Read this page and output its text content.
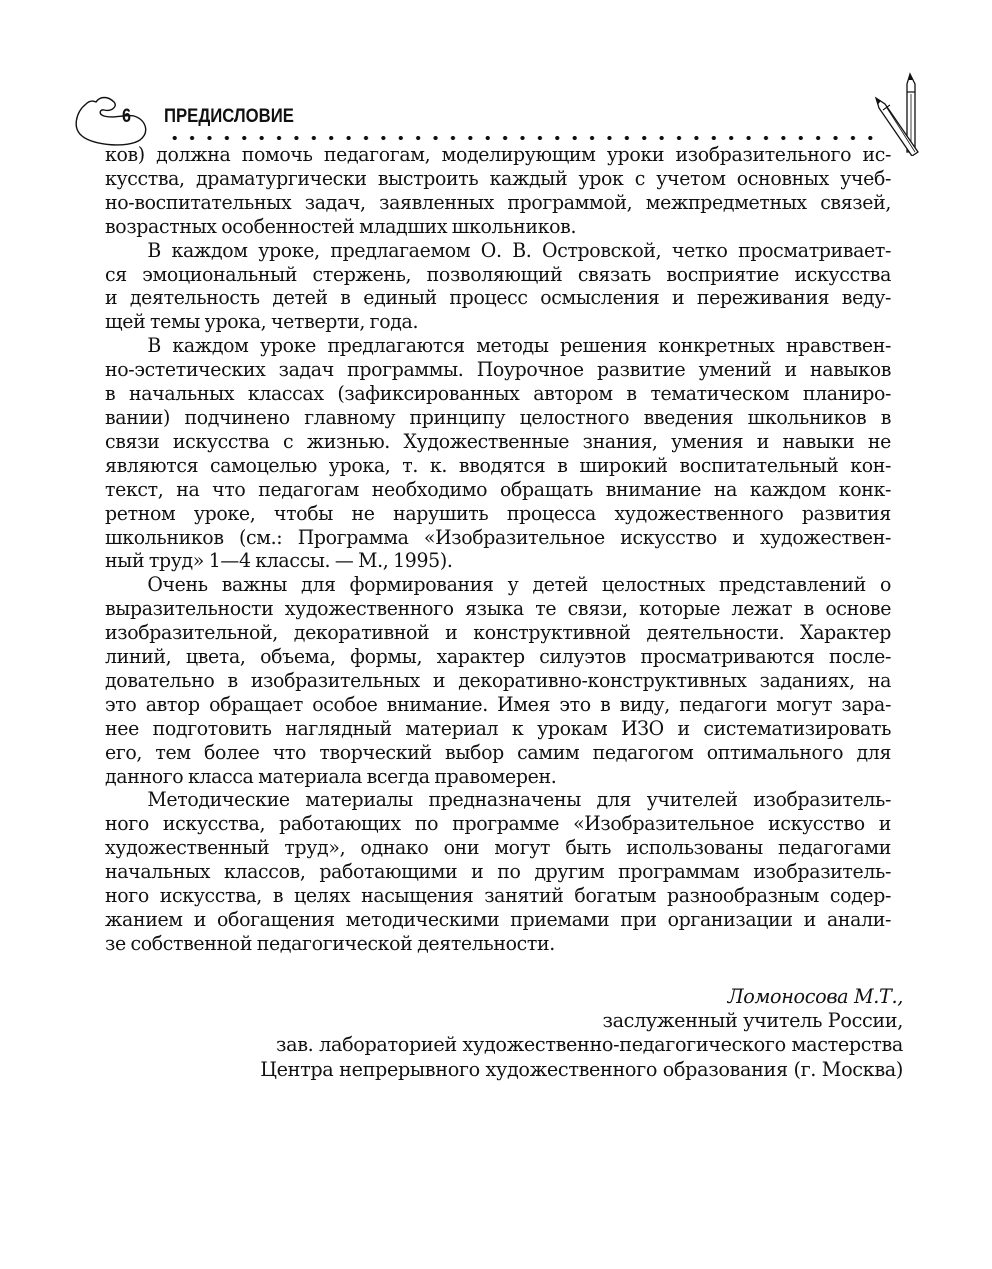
6 ПРЕДИСЛОВИЕ
ков) должна помочь педагогам, моделирующим уроки изобразительного ис-
кусства, драматургически выстроить каждый урок с учетом основных учеб-
но-воспитательных задач, заявленных программой, межпредметных связей,
возрастных особенностей младших школьников.
В каждом уроке, предлагаемом О. В. Островской, четко просматривает-
ся эмоциональный стержень, позволяющий связать восприятие искусства
и деятельность детей в единый процесс осмысления и переживания веду-
щей темы урока, четверти, года.
В каждом уроке предлагаются методы решения конкретных нравствен-
но-эстетических задач программы. Поурочное развитие умений и навыков
в начальных классах (зафиксированных автором в тематическом планиро-
вании) подчинено главному принципу целостного введения школьников в
связи искусства с жизнью. Художественные знания, умения и навыки не
являются самоцелью урока, т. к. вводятся в широкий воспитательный кон-
текст, на что педагогам необходимо обращать внимание на каждом конк-
ретном уроке, чтобы не нарушить процесса художественного развития
школьников (см.: Программа «Изобразительное искусство и художествен-
ный труд» 1—4 классы. — М., 1995).
Очень важны для формирования у детей целостных представлений о
выразительности художественного языка те связи, которые лежат в основе
изобразительной, декоративной и конструктивной деятельности. Характер
линий, цвета, объема, формы, характер силуэтов просматриваются после-
довательно в изобразительных и декоративно-конструктивных заданиях, на
это автор обращает особое внимание. Имея это в виду, педагоги могут зара-
нее подготовить наглядный материал к урокам ИЗО и систематизировать
его, тем более что творческий выбор самим педагогом оптимального для
данного класса материала всегда правомерен.
Методические материалы предназначены для учителей изобразитель-
ного искусства, работающих по программе «Изобразительное искусство и
художественный труд», однако они могут быть использованы педагогами
начальных классов, работающими и по другим программам изобразитель-
ного искусства, в целях насыщения занятий богатым разнообразным содер-
жанием и обогащения методическими приемами при организации и анали-
зе собственной педагогической деятельности.
Ломоносова М.Т.,
заслуженный учитель России,
зав. лабораторией художественно-педагогического мастерства
Центра непрерывного художественного образования (г. Москва)
